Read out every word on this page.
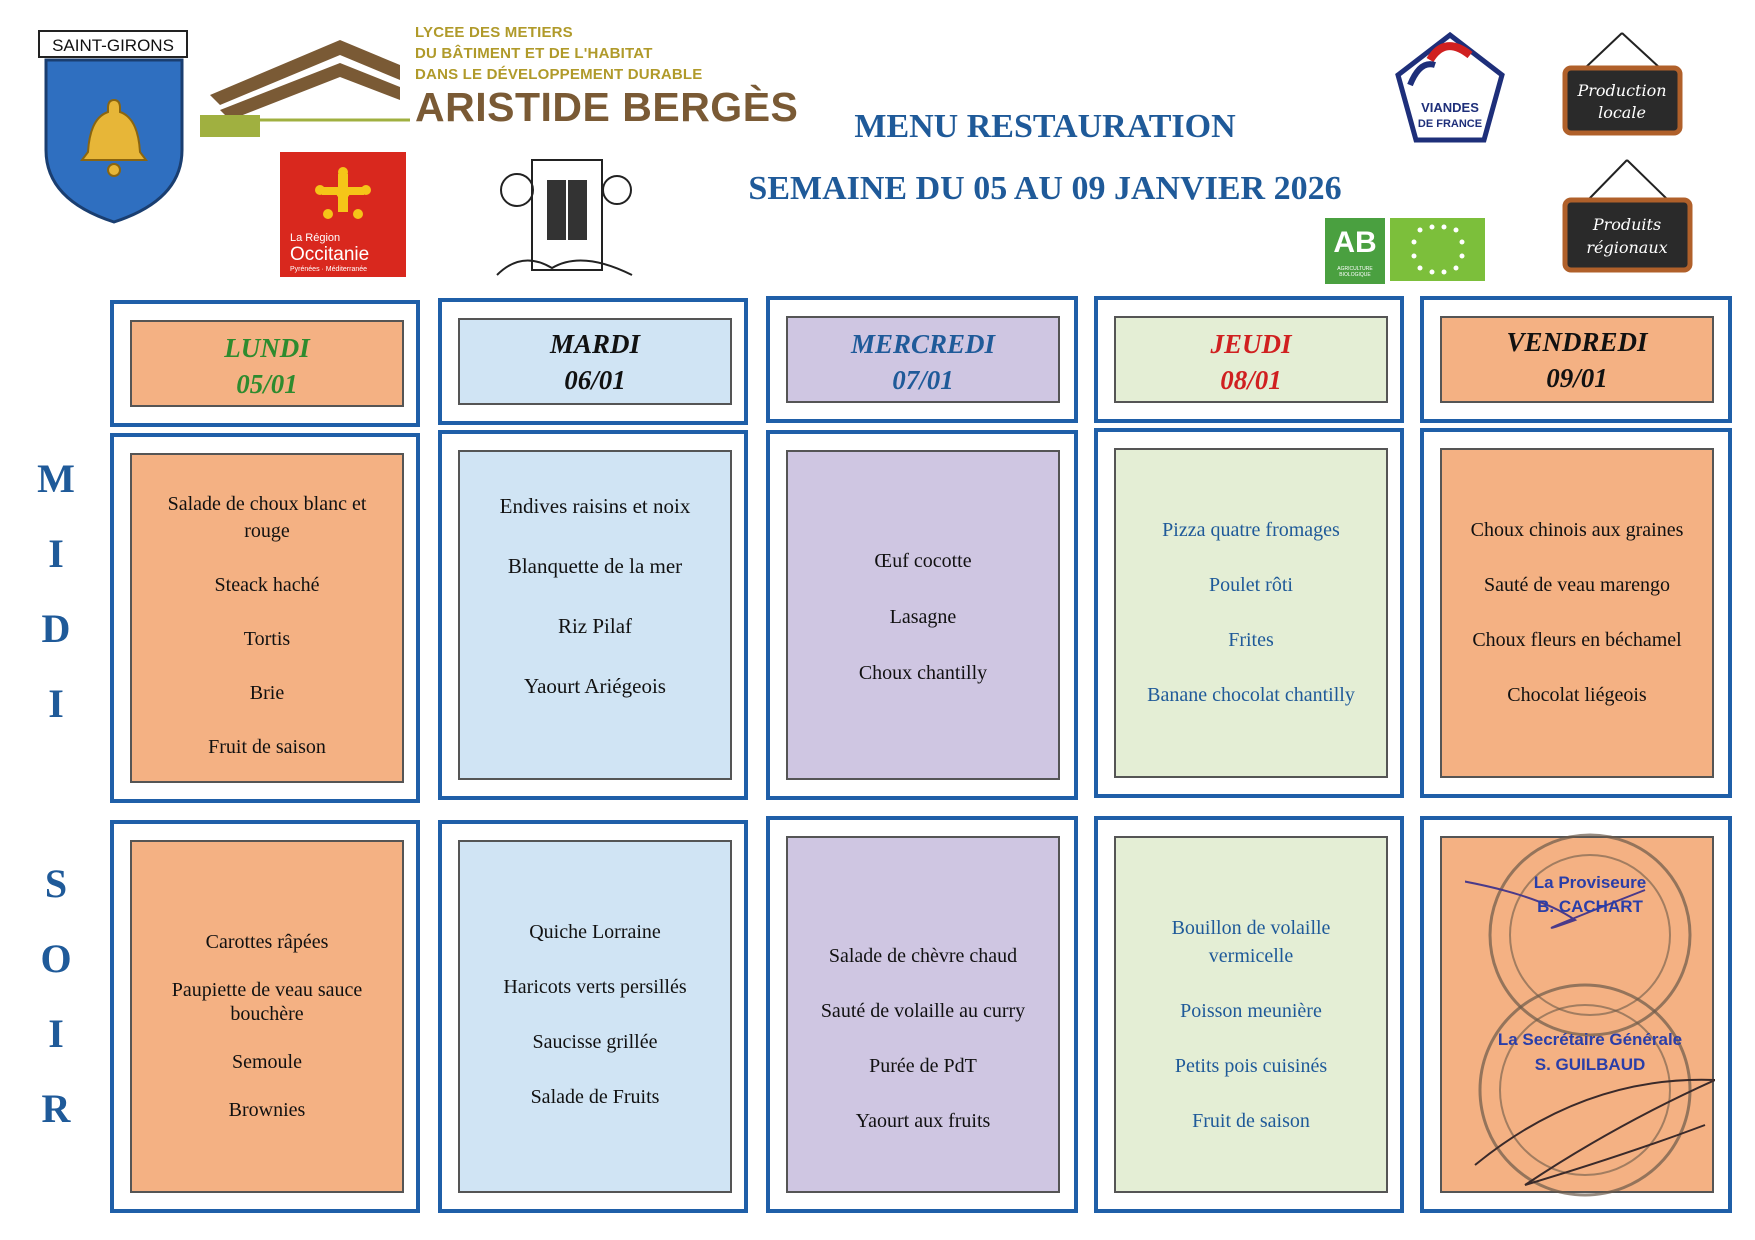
SAINT-GIRONS
LYCEE DES METIERS
DU BÂTIMENT ET DE L'HABITAT
DANS LE DÉVELOPPEMENT DURABLE
ARISTIDE BERGÈS
La Région
Occitanie
Pyrénées · Méditerranée
MENU RESTAURATION
SEMAINE DU 05 AU 09 JANVIER 2026
VIANDES
DE FRANCE
AB
AGRICULTURE BIOLOGIQUE
Production
locale
Produits
régionaux
M
I
D
I
S
O
I
R
LUNDI
05/01
MARDI
06/01
MERCREDI
07/01
JEUDI
08/01
VENDREDI
09/01
Salade de choux blanc et rouge
Steack haché
Tortis
Brie
Fruit de saison
Endives raisins et noix
Blanquette de la mer
Riz Pilaf
Yaourt Ariégeois
Œuf cocotte
Lasagne
Choux chantilly
Pizza quatre fromages
Poulet rôti
Frites
Banane chocolat chantilly
Choux chinois aux graines
Sauté de veau marengo
Choux fleurs en béchamel
Chocolat liégeois
Carottes râpées
Paupiette de veau sauce bouchère
Semoule
Brownies
Quiche Lorraine
Haricots verts persillés
Saucisse grillée
Salade de Fruits
Salade de chèvre chaud
Sauté de volaille au curry
Purée de PdT
Yaourt aux fruits
Bouillon de volaille vermicelle
Poisson meunière
Petits pois cuisinés
Fruit de saison
La Proviseure
B. CACHART
La Secrétaire Générale
S. GUILBAUD
